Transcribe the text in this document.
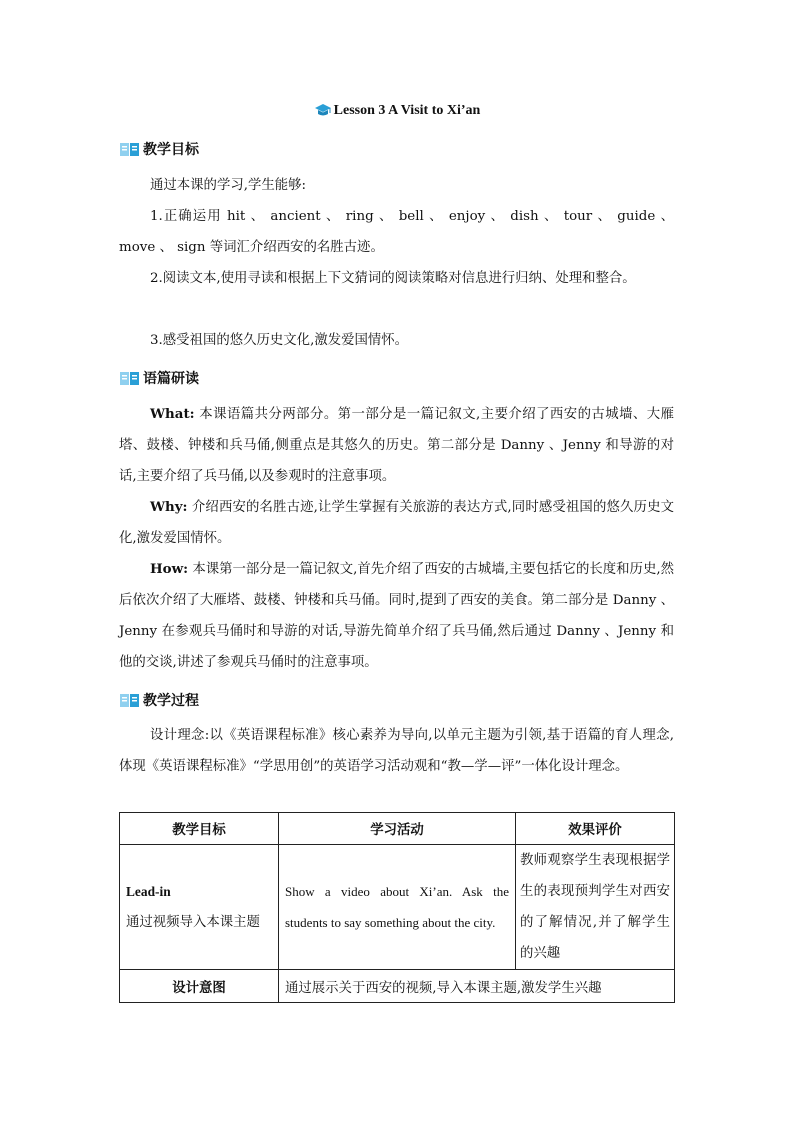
Lesson 3 A Visit to Xi’an
教学目标
通过本课的学习,学生能够:
1.正确运用 hit 、 ancient 、 ring 、 bell 、 enjoy 、 dish 、 tour 、 guide 、 move 、 sign 等词汇介绍西安的名胜古迹。
2.阅读文本,使用寻读和根据上下文猜词的阅读策略对信息进行归纳、处理和整合。
3.感受祖国的悠久历史文化,激发爱国情怀。
语篇研读
What: 本课语篇共分两部分。第一部分是一篇记叙文,主要介绍了西安的古城墙、大雁塔、鼓楼、钟楼和兵马俑,侧重点是其悠久的历史。第二部分是 Danny 、Jenny 和导游的对话,主要介绍了兵马俑,以及参观时的注意事项。
Why: 介绍西安的名胜古迹,让学生掌握有关旅游的表达方式,同时感受祖国的悠久历史文化,激发爱国情怀。
How: 本课第一部分是一篇记叙文,首先介绍了西安的古城墙,主要包括它的长度和历史,然后依次介绍了大雁塔、鼓楼、钟楼和兵马俑。同时,提到了西安的美食。第二部分是 Danny 、Jenny 在参观兵马俑时和导游的对话,导游先简单介绍了兵马俑,然后通过 Danny 、Jenny 和他的交谈,讲述了参观兵马俑时的注意事项。
教学过程
设计理念:以《英语课程标准》核心素养为导向,以单元主题为引领,基于语篇的育人理念,体现《英语课程标准》“学思用创”的英语学习活动观和“教—学—评”一体化设计理念。
教学目标	学习活动	效果评价

Lead-in
通过视频导入本课主题	Show a video about Xi’an. Ask the students to say something about the city.	教师观察学生表现根据学生的表现预判学生对西安的了解情况,并了解学生的兴趣
设计意图	通过展示关于西安的视频,导入本课主题,激发学生兴趣	
